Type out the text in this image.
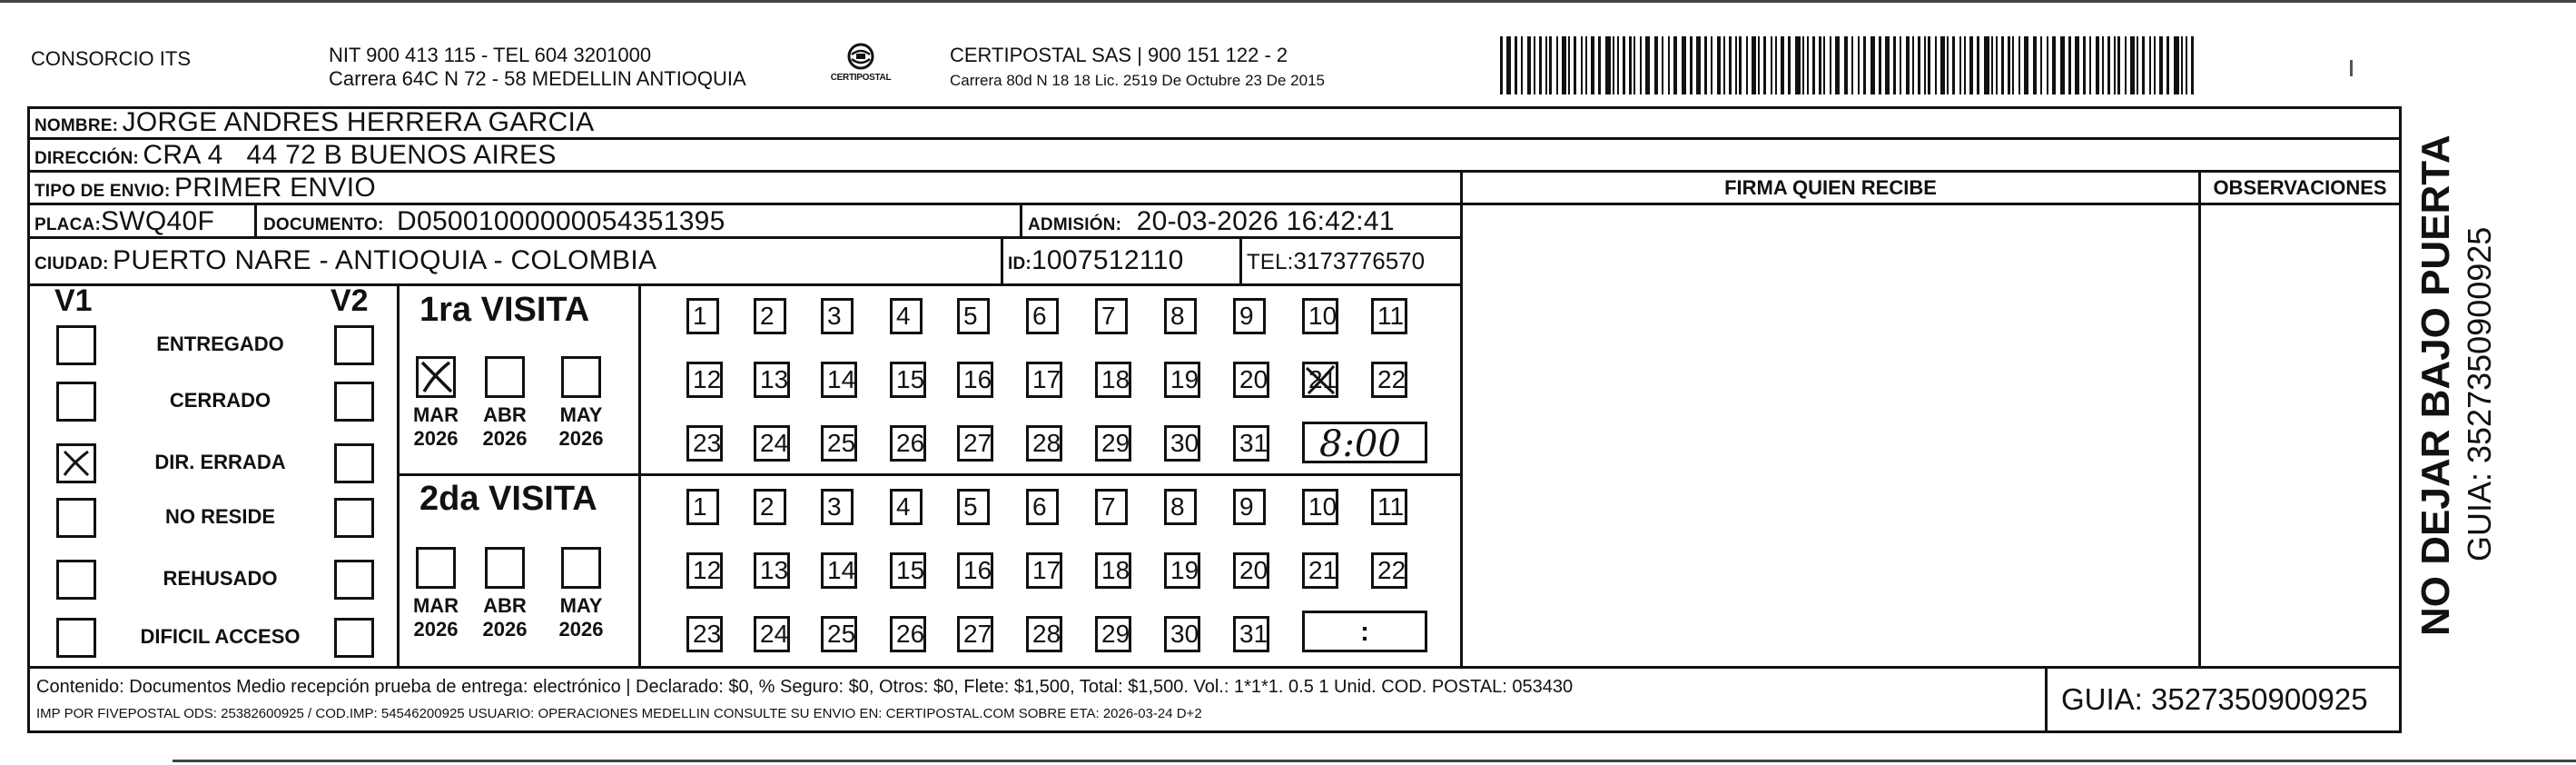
CONSORCIO ITS	NIT 900 413 115 - TEL 604 3201000
Carrera 64C N 72 - 58 MEDELLIN ANTIOQUIA	CERTIPOSTAL
CERTIPOSTAL SAS | 900 151 122 - 2
Carrera 80d N 18 18 Lic. 2519 De Octubre 23 De 2015
NOMBRE: JORGE ANDRES HERRERA GARCIA
DIRECCIÓN: CRA 4   44 72 B BUENOS AIRES
TIPO DE ENVIO: PRIMER ENVIO	FIRMA QUIEN RECIBE	OBSERVACIONES
PLACA:SWQ40F	DOCUMENTO: D05001000000054351395	ADMISIÓN: 20-03-2026 16:42:41
CIUDAD: PUERTO NARE - ANTIOQUIA - COLOMBIA	ID:1007512110	TEL:3173776570
V1	V2
ENTREGADO
CERRADO
DIR. ERRADA
NO RESIDE
REHUSADO
DIFICIL ACCESO
1ra VISITA
2da VISITA
MAR
2026
ABR
2026
MAY
2026
MAR
2026
ABR
2026
MAY
2026
1	2	3	4	5	6	7	8	9	10 11
12 13 14 15 16 17 18 19 20 21 22
23 24 25 26 27 28 29 30 31
1	2	3	4	5	6	7	8	9	10 11
12 13 14 15 16 17 18 19 20 21 22
23 24 25 26 27 28 29 30 31
8:00
:
Contenido: Documentos Medio recepción prueba de entrega: electrónico | Declarado: $0, % Seguro: $0, Otros: $0, Flete: $1,500, Total: $1,500. Vol.: 1*1*1. 0.5 1 Unid. COD. POSTAL: 053430
IMP POR FIVEPOSTAL ODS: 25382600925 / COD.IMP: 54546200925 USUARIO: OPERACIONES MEDELLIN CONSULTE SU ENVIO EN: CERTIPOSTAL.COM SOBRE ETA: 2026-03-24 D+2	GUIA: 3527350900925
NO DEJAR BAJO PUERTA GUIA: 3527350900925
